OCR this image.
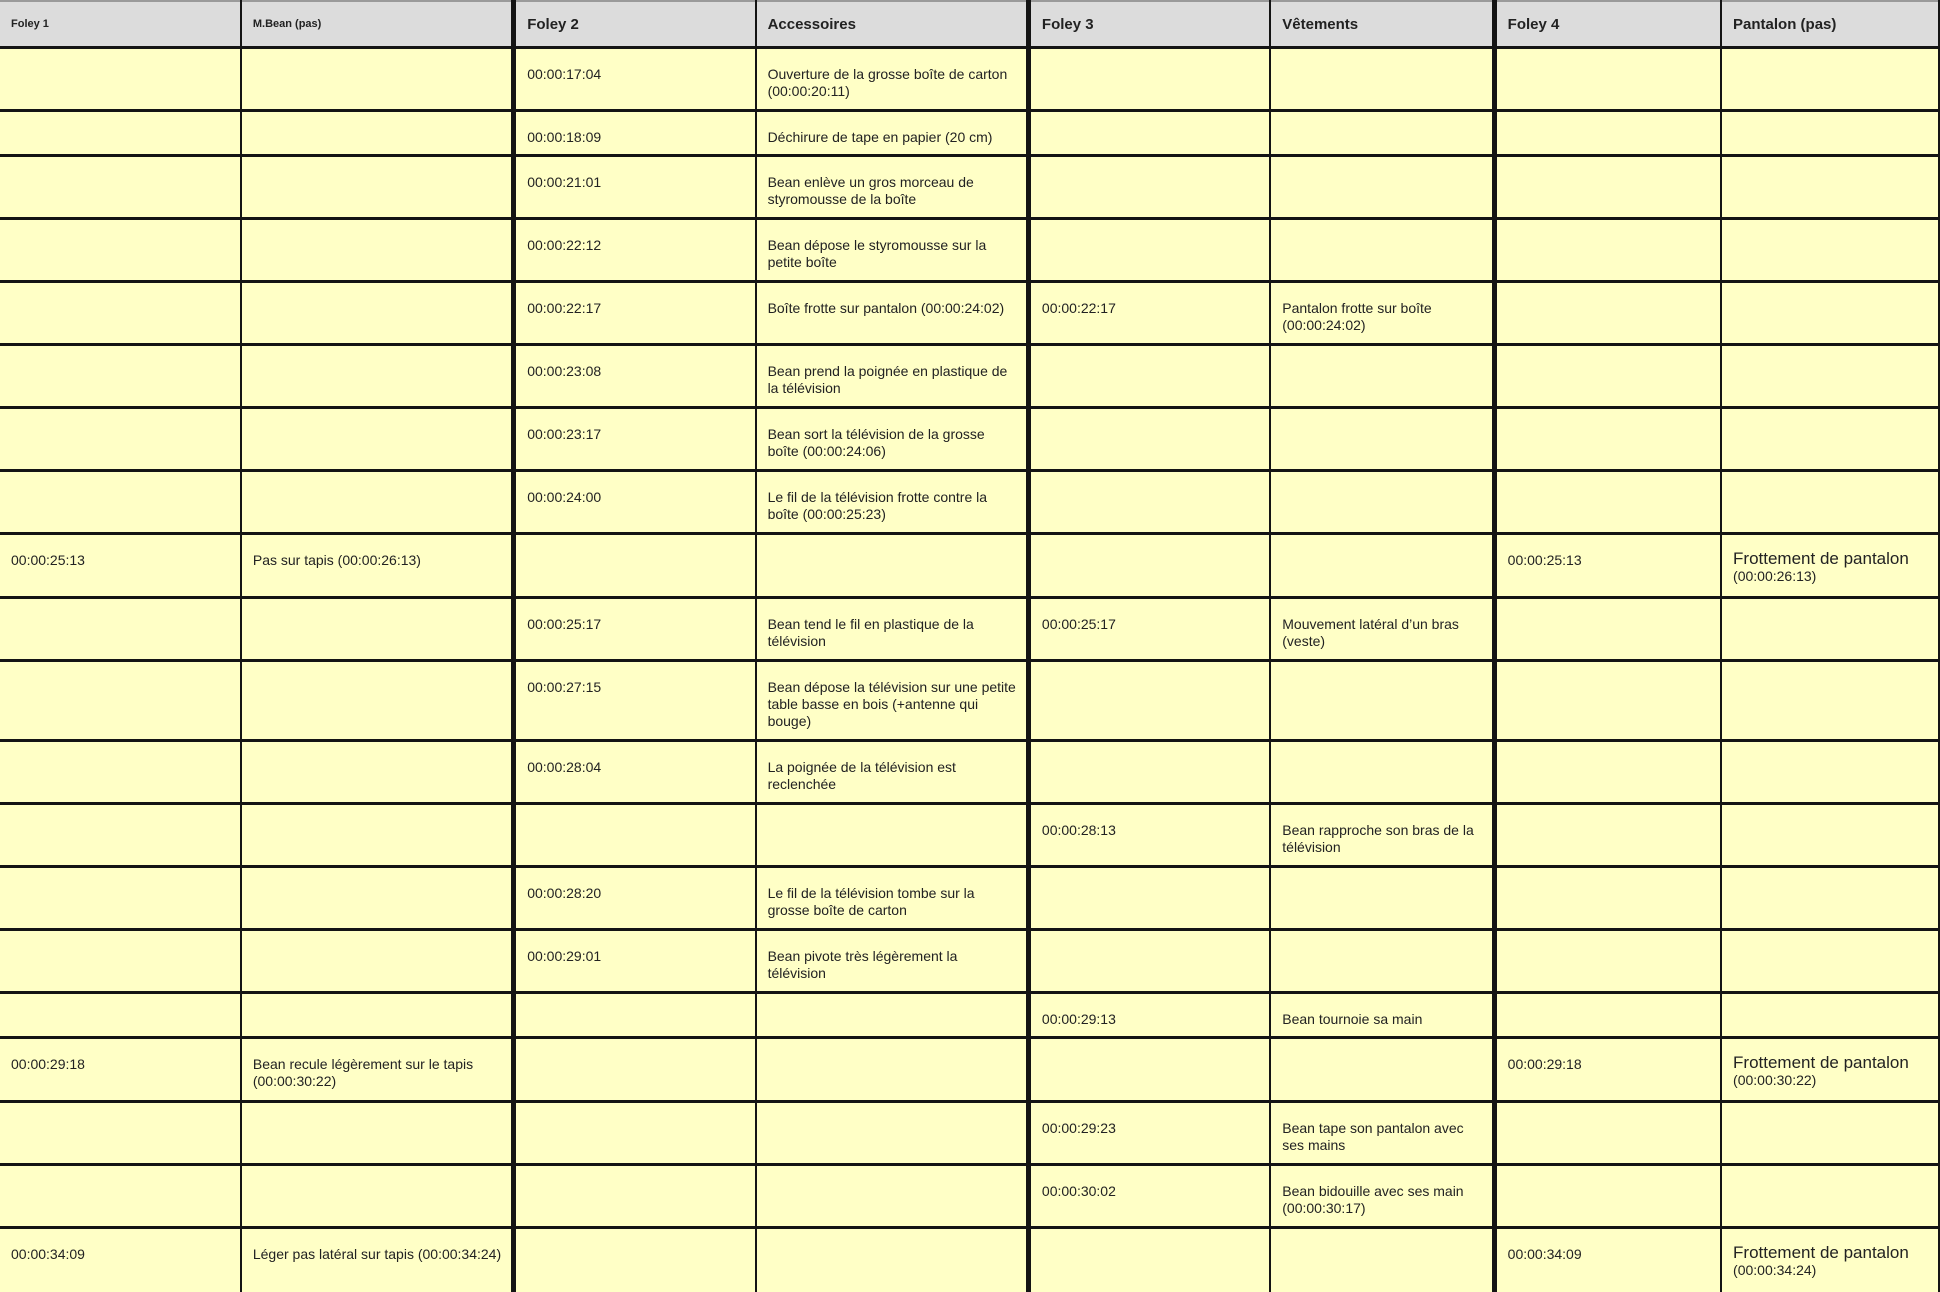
Foley 1	M.Bean (pas)	Foley 2	Accessoires	Foley 3	Vêtements	Foley 4	Pantalon (pas)
		00:00:17:04	Ouverture de la grosse boîte de carton (00:00:20:11)				
		00:00:18:09	Déchirure de tape en papier (20 cm)				
		00:00:21:01	Bean enlève un gros morceau de styromousse de la boîte				
		00:00:22:12	Bean dépose le styromousse sur la petite boîte				
		00:00:22:17	Boîte frotte sur pantalon (00:00:24:02)	00:00:22:17	Pantalon frotte sur boîte (00:00:24:02)		
		00:00:23:08	Bean prend la poignée en plastique de la télévision				
		00:00:23:17	Bean sort la télévision de la grosse boîte (00:00:24:06)				
		00:00:24:00	Le fil de la télévision frotte contre la boîte (00:00:25:23)				
00:00:25:13	Pas sur tapis (00:00:26:13)					00:00:25:13	Frottement de pantalon
(00:00:26:13)

		00:00:25:17	Bean tend le fil en plastique de la télévision	00:00:25:17	Mouvement latéral d’un bras (veste)		
		00:00:27:15	Bean dépose la télévision sur une petite table basse en bois (+antenne qui bouge)				
		00:00:28:04	La poignée de la télévision est reclenchée				
				00:00:28:13	Bean rapproche son bras de la télévision		
		00:00:28:20	Le fil de la télévision tombe sur la grosse boîte de carton				
		00:00:29:01	Bean pivote très légèrement la télévision				
				00:00:29:13	Bean tournoie sa main		
00:00:29:18	Bean recule légèrement sur le tapis (00:00:30:22)					00:00:29:18	Frottement de pantalon
(00:00:30:22)

				00:00:29:23	Bean tape son pantalon avec ses mains		
				00:00:30:02	Bean bidouille avec ses main (00:00:30:17)		
00:00:34:09	Léger pas latéral sur tapis (00:00:34:24)					00:00:34:09	Frottement de pantalon
(00:00:34:24)
